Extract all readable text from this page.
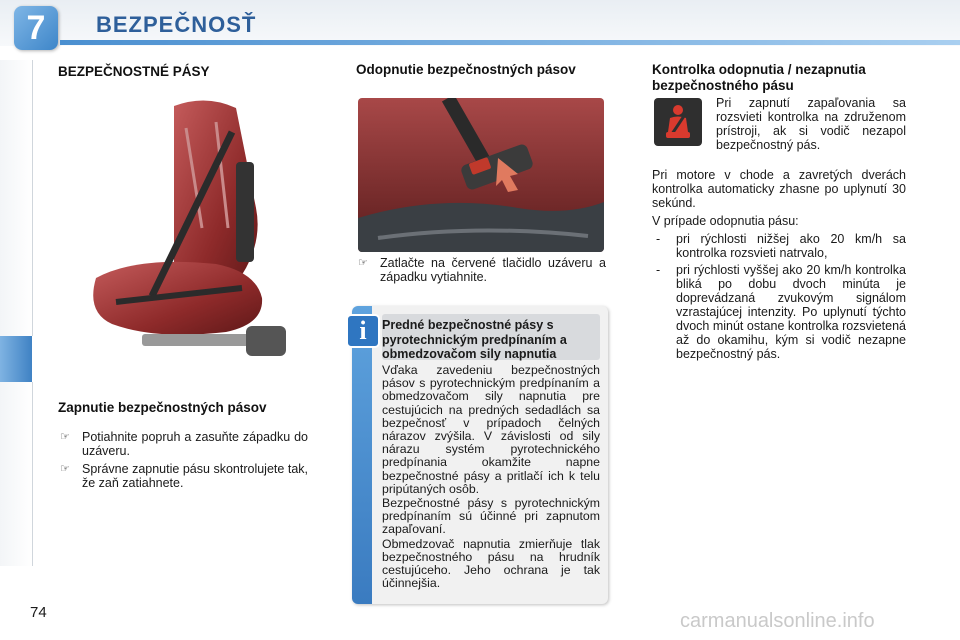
7	BEZPEČNOSŤ
BEZPEČNOSTNÉ PÁSY
Zapnutie bezpečnostných pásov
☞ Potiahnite popruh a zasuňte západku do uzáveru.
☞ Správne zapnutie pásu skontrolujete tak, že zaň zatiahnete.
Odopnutie bezpečnostných pásov
☞ Zatlačte na červené tlačidlo uzáveru a západku vytiahnite.
i	Predné bezpečnostné pásy s pyrotechnickým predpínaním a obmedzovačom sily napnutia

Vďaka zavedeniu bezpečnostných pásov s pyrotechnickým predpínaním a obmedzovačom sily napnutia pre cestujúcich na predných sedadlách sa bezpečnosť v prípadoch čelných nárazov zvýšila. V závislosti od sily nárazu systém pyrotechnického predpínania okamžite napne bezpečnostné pásy a pritlačí ich k telu pripútaných osôb.

Bezpečnostné pásy s pyrotechnickým predpínaním sú účinné pri zapnutom zapaľovaní.

Obmedzovač napnutia zmierňuje tlak bezpečnostného pásu na hrudník cestujúceho. Jeho ochrana je tak účinnejšia.

Kontrolka odopnutia / nezapnutia bezpečnostného pásu

Pri zapnutí zapaľovania sa rozsvieti kontrolka na združenom prístroji, ak si vodič nezapol bezpečnostný pás.

Pri motore v chode a zavretých dverách kontrolka automaticky zhasne po uplynutí 30 sekúnd.

V prípade odopnutia pásu:

- pri rýchlosti nižšej ako 20 km/h sa kontrolka rozsvieti natrvalo,
- pri rýchlosti vyššej ako 20 km/h kontrolka bliká po dobu dvoch minúta je doprevádzaná zvukovým signálom vzrastajúcej intenzity. Po uplynutí týchto dvoch minút ostane kontrolka rozsvietená až do okamihu, kým si vodič nezapne bezpečnostný pás.
74	carmanualsonline.info
